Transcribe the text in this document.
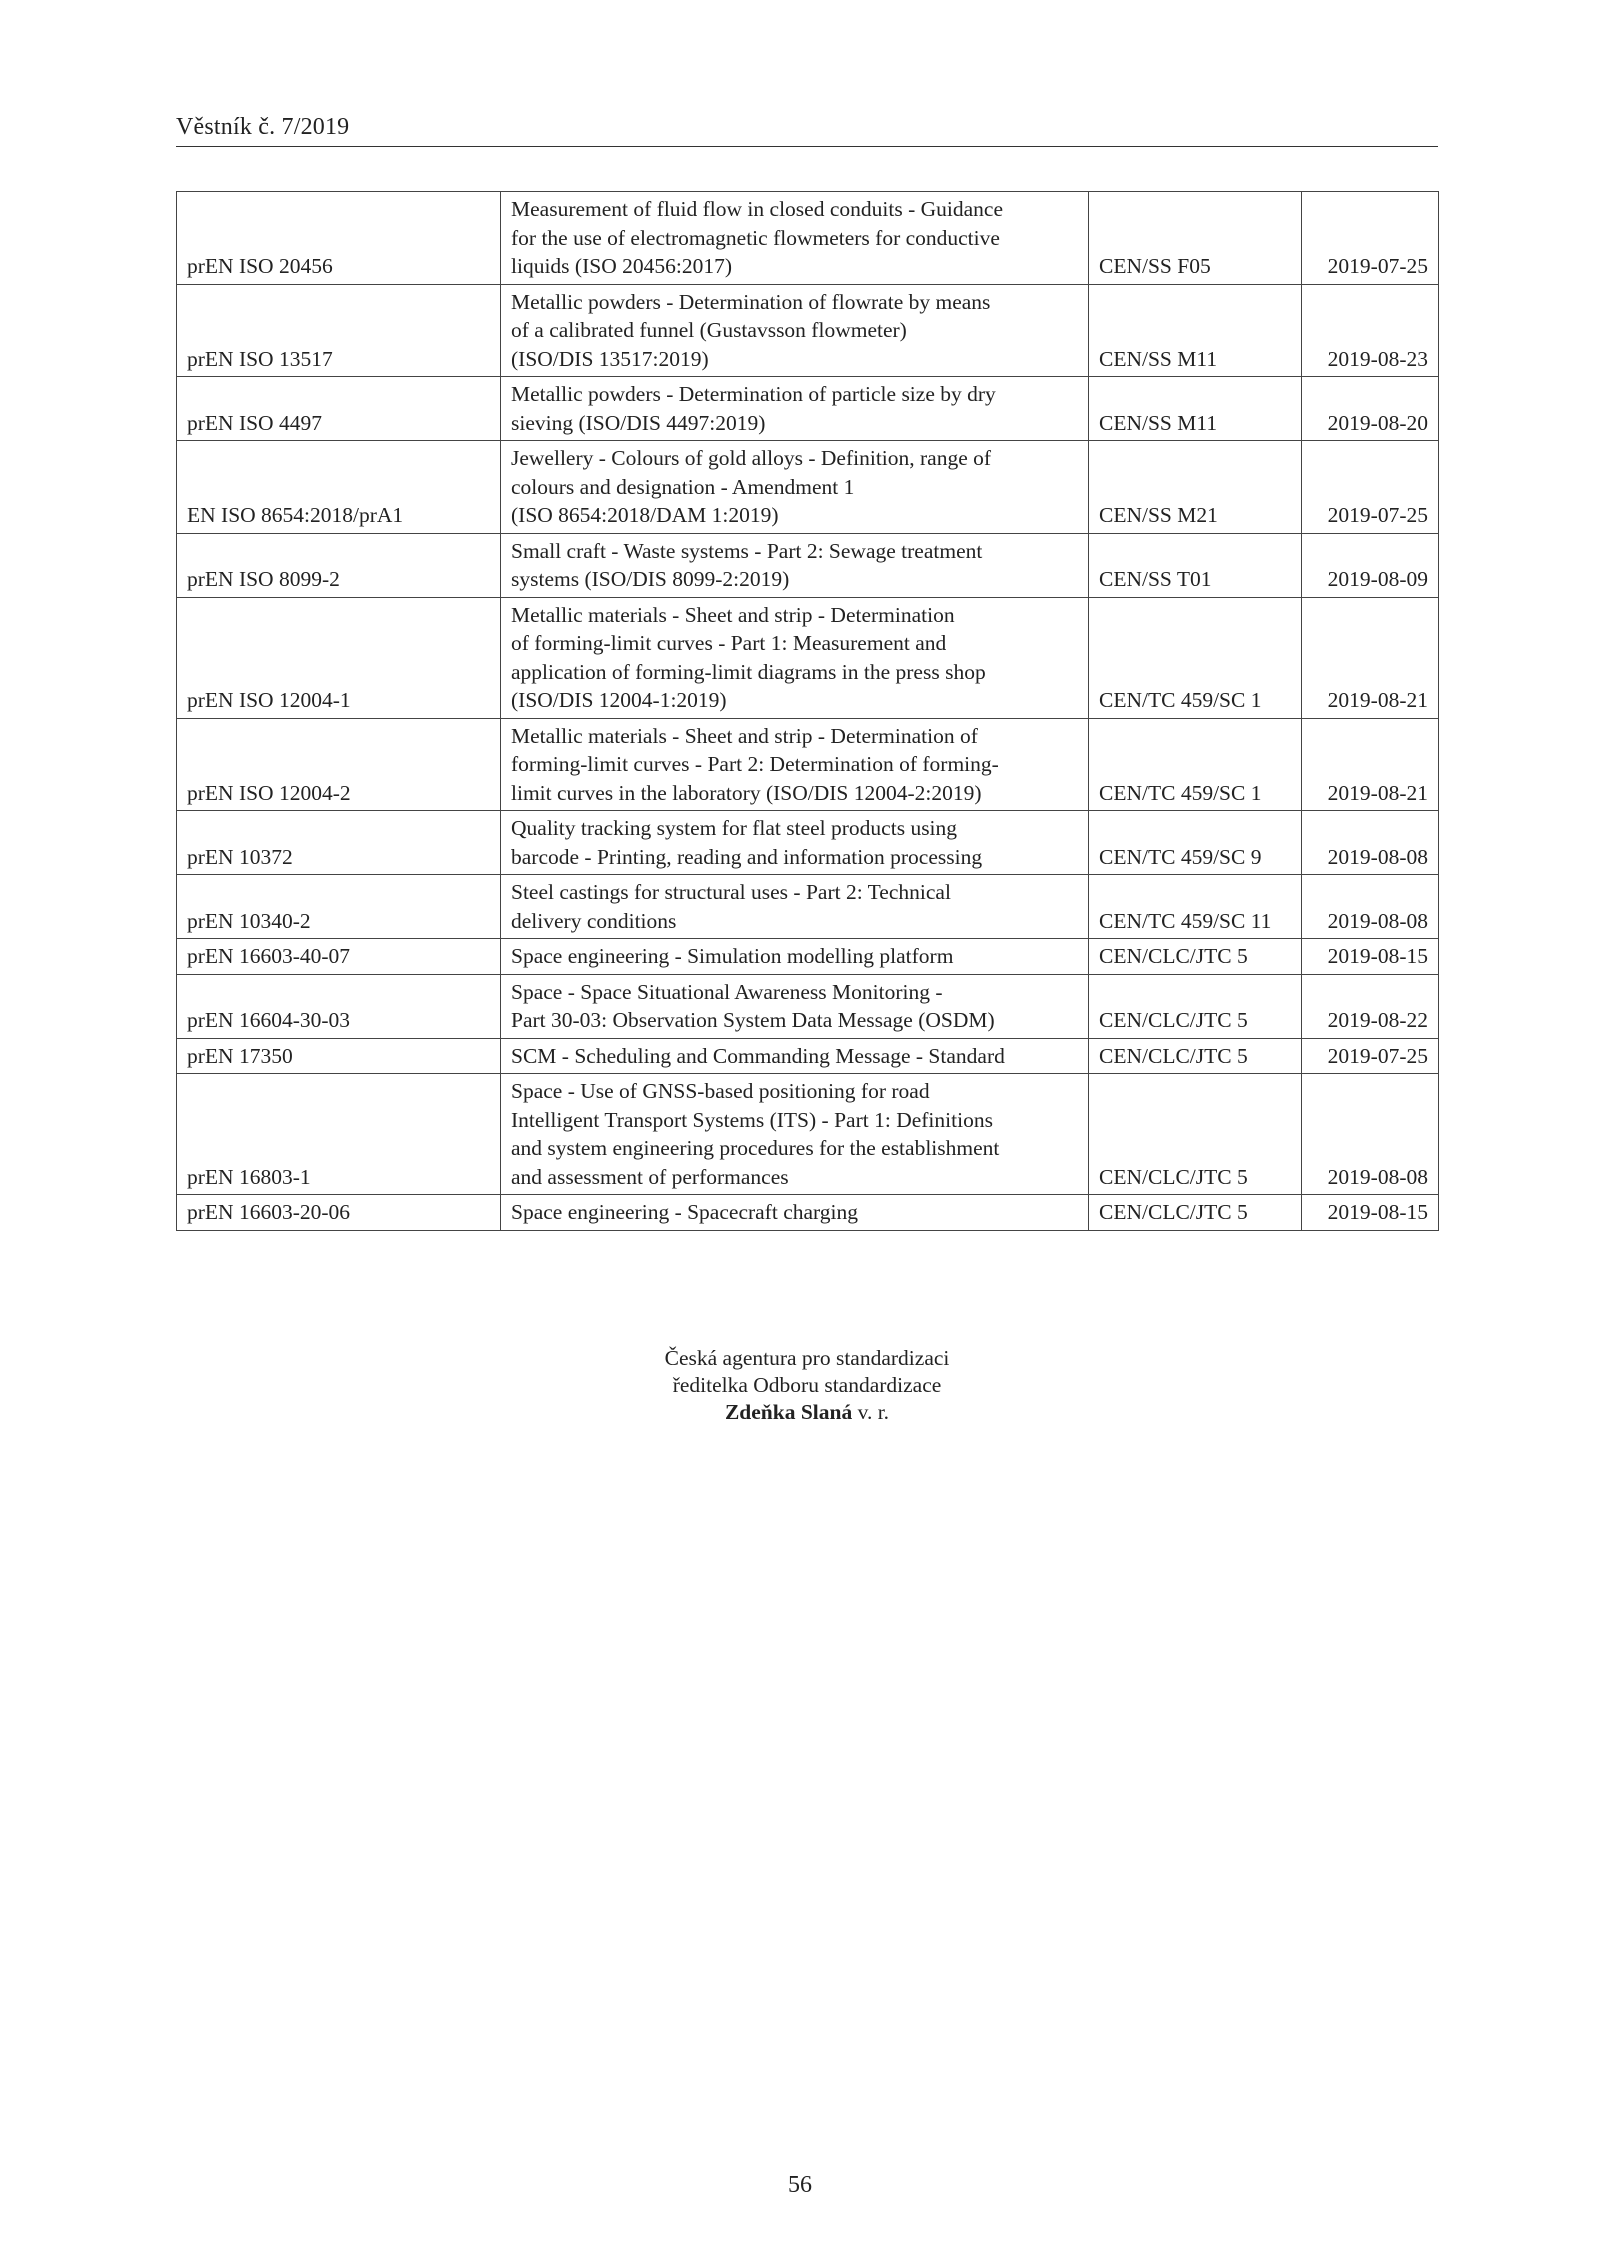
Věstník č. 7/2019
prEN ISO 20456	Measurement of fluid flow in closed conduits - Guidance
for the use of electromagnetic flowmeters for conductive
liquids (ISO 20456:2017)	CEN/SS F05	2019-07-25
prEN ISO 13517	Metallic powders - Determination of flowrate by means
of a calibrated funnel (Gustavsson flowmeter)
(ISO/DIS 13517:2019)	CEN/SS M11	2019-08-23
prEN ISO 4497	Metallic powders - Determination of particle size by dry
sieving (ISO/DIS 4497:2019)	CEN/SS M11	2019-08-20
EN ISO 8654:2018/prA1	Jewellery - Colours of gold alloys - Definition, range of
colours and designation - Amendment 1
(ISO 8654:2018/DAM 1:2019)	CEN/SS M21	2019-07-25
prEN ISO 8099-2	Small craft - Waste systems - Part 2: Sewage treatment
systems (ISO/DIS 8099-2:2019)	CEN/SS T01	2019-08-09
prEN ISO 12004-1	Metallic materials - Sheet and strip - Determination
of forming-limit curves - Part 1: Measurement and
application of forming-limit diagrams in the press shop
(ISO/DIS 12004-1:2019)	CEN/TC 459/SC 1	2019-08-21
prEN ISO 12004-2	Metallic materials - Sheet and strip - Determination of
forming-limit curves - Part 2: Determination of forming-
limit curves in the laboratory (ISO/DIS 12004-2:2019)	CEN/TC 459/SC 1	2019-08-21
prEN 10372	Quality tracking system for flat steel products using
barcode - Printing, reading and information processing	CEN/TC 459/SC 9	2019-08-08
prEN 10340-2	Steel castings for structural uses - Part 2: Technical
delivery conditions	CEN/TC 459/SC 11	2019-08-08
prEN 16603-40-07	Space engineering - Simulation modelling platform	CEN/CLC/JTC 5	2019-08-15
prEN 16604-30-03	Space - Space Situational Awareness Monitoring -
Part 30-03: Observation System Data Message (OSDM)	CEN/CLC/JTC 5	2019-08-22
prEN 17350	SCM - Scheduling and Commanding Message - Standard	CEN/CLC/JTC 5	2019-07-25
prEN 16803-1	Space - Use of GNSS-based positioning for road
Intelligent Transport Systems (ITS) - Part 1: Definitions
and system engineering procedures for the establishment
and assessment of performances	CEN/CLC/JTC 5	2019-08-08
prEN 16603-20-06	Space engineering - Spacecraft charging	CEN/CLC/JTC 5	2019-08-15
Česká agentura pro standardizaci
ředitelka Odboru standardizace
Zdeňka Slaná v. r.
56
